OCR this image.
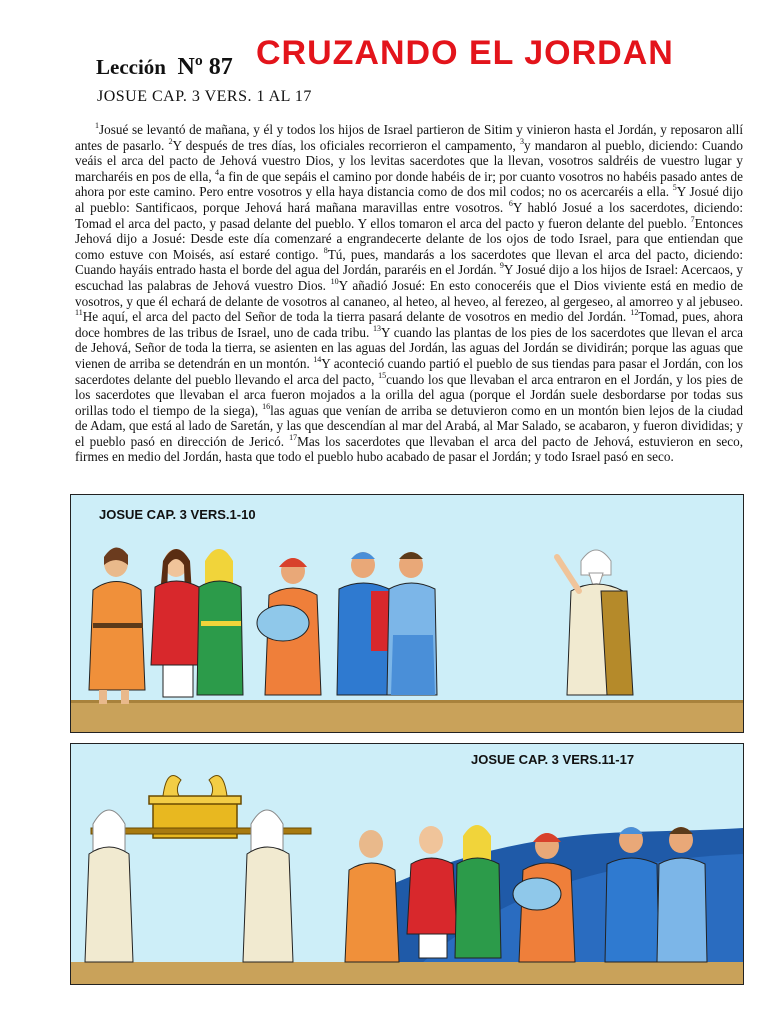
Lección Nº 87 CRUZANDO EL JORDAN
JOSUE CAP. 3 VERS. 1 AL 17

$^1$Josué se levantó de mañana, y él y todos los hijos de Israel partieron de Sitim y vinieron hasta el Jordán, y reposaron allí antes de pasarlo. $^2$Y después de tres días, los oficiales recorrieron el campamento, $^3$y mandaron al pueblo, diciendo: Cuando veáis el arca del pacto de Jehová vuestro Dios, y los levitas sacerdotes que la llevan, vosotros saldréis de vuestro lugar y marcharéis en pos de ella, $^4$a fin de que sepáis el camino por donde habéis de ir; por cuanto vosotros no habéis pasado antes de ahora por este camino. Pero entre vosotros y ella haya distancia como de dos mil codos; no os acercaréis a ella. $^5$Y Josué dijo al pueblo: Santificaos, porque Jehová hará mañana maravillas entre vosotros. $^6$Y habló Josué a los sacerdotes, diciendo: Tomad el arca del pacto, y pasad delante del pueblo. Y ellos tomaron el arca del pacto y fueron delante del pueblo. $^7$Entonces Jehová dijo a Josué: Desde este día comenzaré a engrandecerte delante de los ojos de todo Israel, para que entiendan que como estuve con Moisés, así estaré contigo. $^8$Tú, pues, mandarás a los sacerdotes que llevan el arca del pacto, diciendo: Cuando hayáis entrado hasta el borde del agua del Jordán, pararéis en el Jordán. $^9$Y Josué dijo a los hijos de Israel: Acercaos, y escuchad las palabras de Jehová vuestro Dios. $^{10}$Y añadió Josué: En esto conoceréis que el Dios viviente está en medio de vosotros, y que él echará de delante de vosotros al cananeo, al heteo, al heveo, al ferezeo, al gergeseo, al amorreo y al jebuseo. $^{11}$He aquí, el arca del pacto del Señor de toda la tierra pasará delante de vosotros en medio del Jordán. $^{12}$Tomad, pues, ahora doce hombres de las tribus de Israel, uno de cada tribu. $^{13}$Y cuando las plantas de los pies de los sacerdotes que llevan el arca de Jehová, Señor de toda la tierra, se asienten en las aguas del Jordán, las aguas del Jordán se dividirán; porque las aguas que vienen de arriba se detendrán en un montón. $^{14}$Y aconteció cuando partió el pueblo de sus tiendas para pasar el Jordán, con los sacerdotes delante del pueblo llevando el arca del pacto, $^{15}$cuando los que llevaban el arca entraron en el Jordán, y los pies de los sacerdotes que llevaban el arca fueron mojados a la orilla del agua (porque el Jordán suele desbordarse por todas sus orillas todo el tiempo de la siega), $^{16}$las aguas que venían de arriba se detuvieron como en un montón bien lejos de la ciudad de Adam, que está al lado de Saretán, y las que descendían al mar del Arabá, al Mar Salado, se acabaron, y fueron divididas; y el pueblo pasó en dirección de Jericó. $^{17}$Mas los sacerdotes que llevaban el arca del pacto de Jehová, estuvieron en seco, firmes en medio del Jordán, hasta que todo el pueblo hubo acabado de pasar el Jordán; y todo Israel pasó en seco.

JOSUE CAP. 3 VERS.1-10
JOSUE CAP. 3 VERS.11-17
